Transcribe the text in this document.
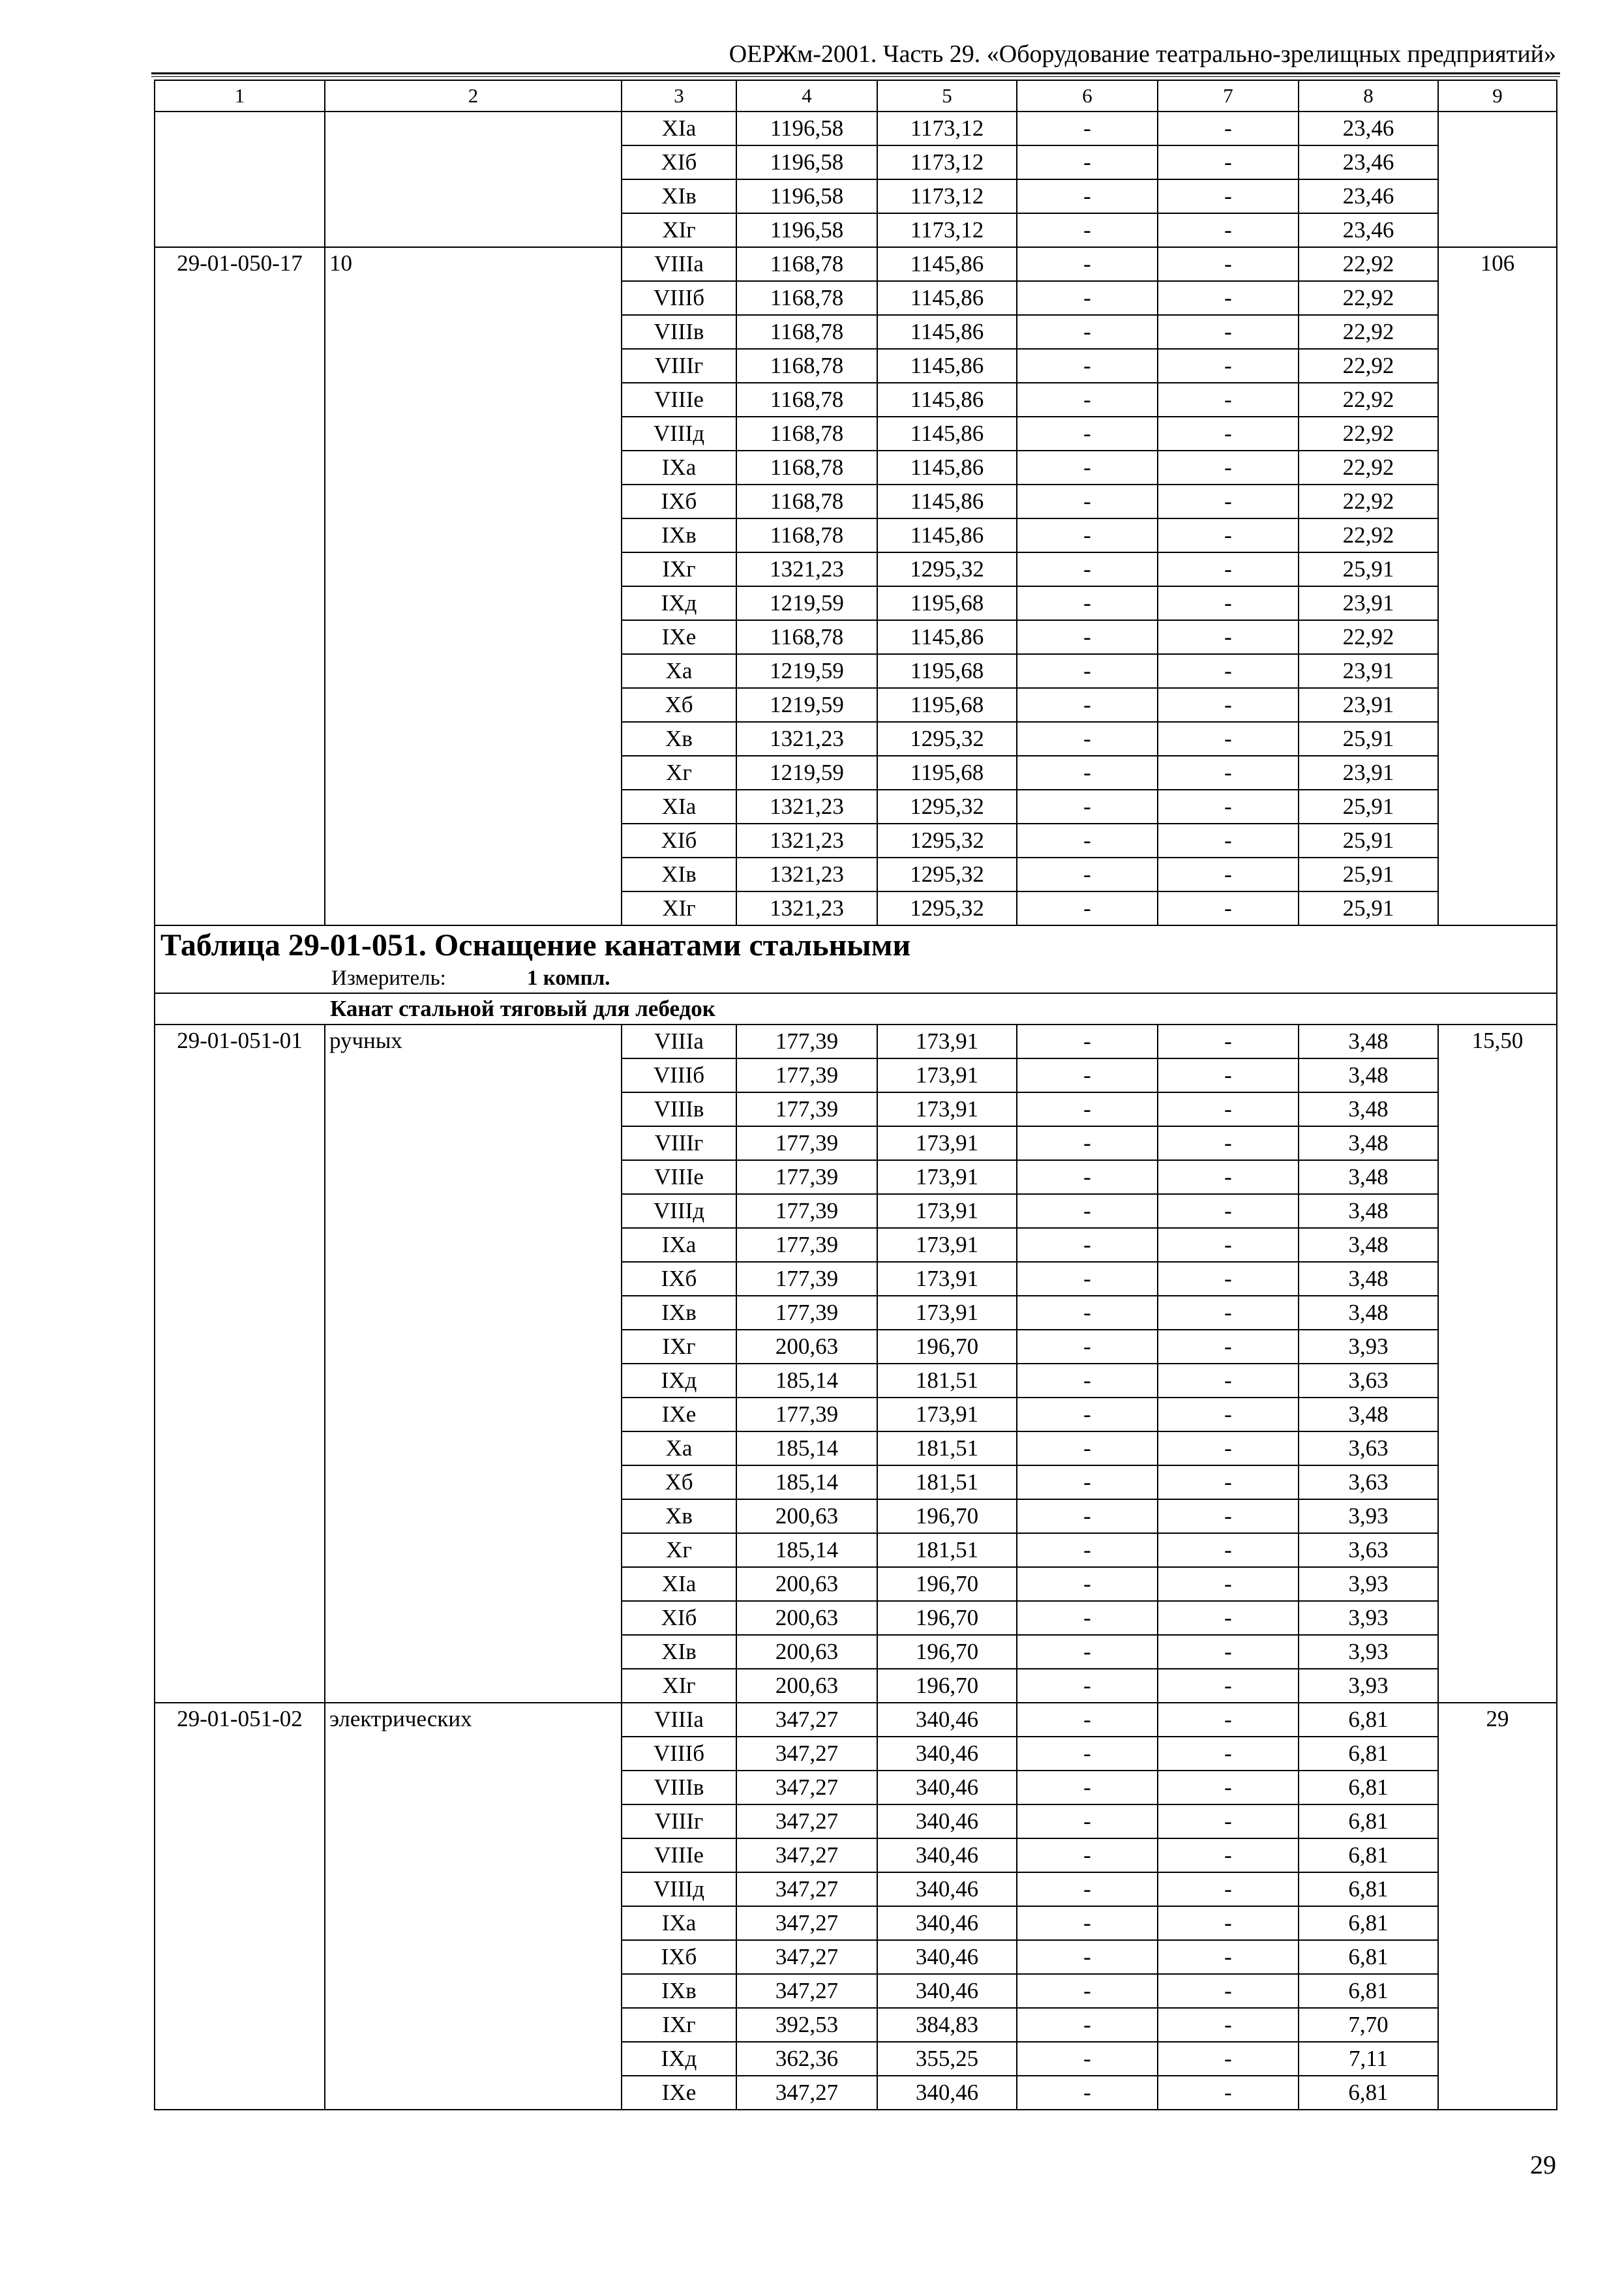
ОЕРЖм-2001. Часть 29. «Оборудование театрально-зрелищных предприятий»
1	2	3	4	5	6	7	8	9
		XIа	1196,58	1173,12	-	-	23,46	
		XIб	1196,58	1173,12	-	-	23,46	
		XIв	1196,58	1173,12	-	-	23,46	
		XIг	1196,58	1173,12	-	-	23,46	
29-01-050-17	10	VIIIа	1168,78	1145,86	-	-	22,92	106
		VIIIб	1168,78	1145,86	-	-	22,92	
		VIIIв	1168,78	1145,86	-	-	22,92	
		VIIIг	1168,78	1145,86	-	-	22,92	
		VIIIе	1168,78	1145,86	-	-	22,92	
		VIIIд	1168,78	1145,86	-	-	22,92	
		IXа	1168,78	1145,86	-	-	22,92	
		IXб	1168,78	1145,86	-	-	22,92	
		IXв	1168,78	1145,86	-	-	22,92	
		IXг	1321,23	1295,32	-	-	25,91	
		IXд	1219,59	1195,68	-	-	23,91	
		IXе	1168,78	1145,86	-	-	22,92	
		Xа	1219,59	1195,68	-	-	23,91	
		Xб	1219,59	1195,68	-	-	23,91	
		Xв	1321,23	1295,32	-	-	25,91	
		Xг	1219,59	1195,68	-	-	23,91	
		XIа	1321,23	1295,32	-	-	25,91	
		XIб	1321,23	1295,32	-	-	25,91	
		XIв	1321,23	1295,32	-	-	25,91	
		XIг	1321,23	1295,32	-	-	25,91	

Таблица 29-01-051. Оснащение канатами стальными
Измеритель: 1 компл.								

Канат стальной тяговый для лебедок								
29-01-051-01	ручных	VIIIа	177,39	173,91	-	-	3,48	15,50
		VIIIб	177,39	173,91	-	-	3,48	
		VIIIв	177,39	173,91	-	-	3,48	
		VIIIг	177,39	173,91	-	-	3,48	
		VIIIе	177,39	173,91	-	-	3,48	
		VIIIд	177,39	173,91	-	-	3,48	
		IXа	177,39	173,91	-	-	3,48	
		IXб	177,39	173,91	-	-	3,48	
		IXв	177,39	173,91	-	-	3,48	
		IXг	200,63	196,70	-	-	3,93	
		IXд	185,14	181,51	-	-	3,63	
		IXе	177,39	173,91	-	-	3,48	
		Xа	185,14	181,51	-	-	3,63	
		Xб	185,14	181,51	-	-	3,63	
		Xв	200,63	196,70	-	-	3,93	
		Xг	185,14	181,51	-	-	3,63	
		XIа	200,63	196,70	-	-	3,93	
		XIб	200,63	196,70	-	-	3,93	
		XIв	200,63	196,70	-	-	3,93	
		XIг	200,63	196,70	-	-	3,93	
29-01-051-02	электрических	VIIIа	347,27	340,46	-	-	6,81	29
		VIIIб	347,27	340,46	-	-	6,81	
		VIIIв	347,27	340,46	-	-	6,81	
		VIIIг	347,27	340,46	-	-	6,81	
		VIIIе	347,27	340,46	-	-	6,81	
		VIIIд	347,27	340,46	-	-	6,81	
		IXа	347,27	340,46	-	-	6,81	
		IXб	347,27	340,46	-	-	6,81	
		IXв	347,27	340,46	-	-	6,81	
		IXг	392,53	384,83	-	-	7,70	
		IXд	362,36	355,25	-	-	7,11	
		IXе	347,27	340,46	-	-	6,81	
29
